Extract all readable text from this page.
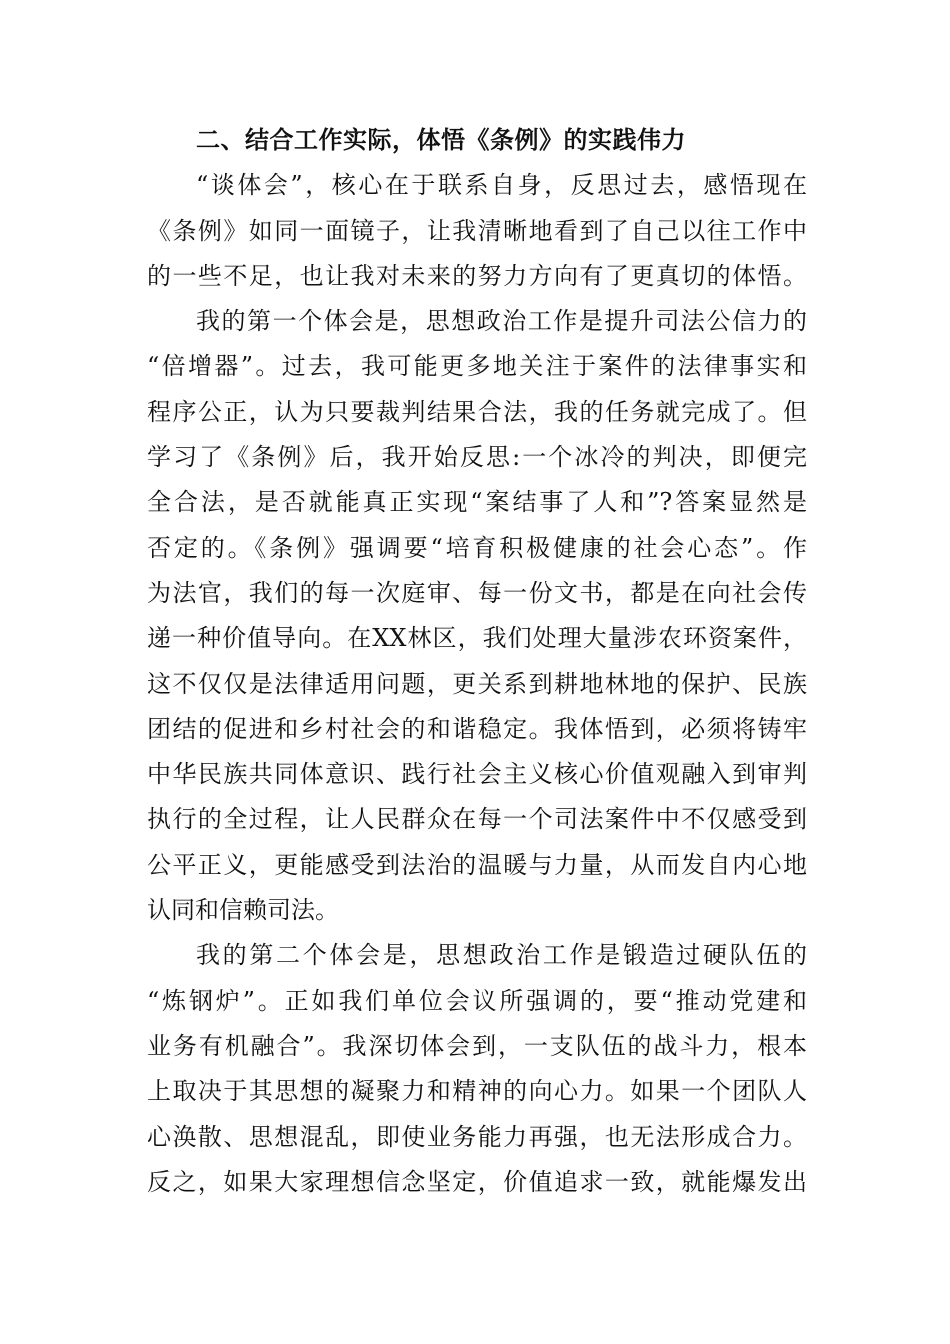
二、结合工作实际，体悟《条例》的实践伟力
“谈体会”，核心在于联系自身，反思过去，感悟现在
《条例》如同一面镜子，让我清晰地看到了自己以往工作中
的一些不足，也让我对未来的努力方向有了更真切的体悟。
我的第一个体会是，思想政治工作是提升司法公信力的
“倍增器”。过去，我可能更多地关注于案件的法律事实和
程序公正，认为只要裁判结果合法，我的任务就完成了。但
学习了《条例》后，我开始反思:一个冰冷的判决，即便完
全合法，是否就能真正实现“案结事了人和”?答案显然是
否定的。《条例》强调要“培育积极健康的社会心态”。作
为法官，我们的每一次庭审、每一份文书，都是在向社会传
递一种价值导向。在XX林区，我们处理大量涉农环资案件，
这不仅仅是法律适用问题，更关系到耕地林地的保护、民族
团结的促进和乡村社会的和谐稳定。我体悟到，必须将铸牢
中华民族共同体意识、践行社会主义核心价值观融入到审判
执行的全过程，让人民群众在每一个司法案件中不仅感受到
公平正义，更能感受到法治的温暖与力量，从而发自内心地
认同和信赖司法。
我的第二个体会是，思想政治工作是锻造过硬队伍的
“炼钢炉”。正如我们单位会议所强调的，要“推动党建和
业务有机融合”。我深切体会到，一支队伍的战斗力，根本
上取决于其思想的凝聚力和精神的向心力。如果一个团队人
心涣散、思想混乱，即使业务能力再强，也无法形成合力。
反之，如果大家理想信念坚定，价值追求一致，就能爆发出
